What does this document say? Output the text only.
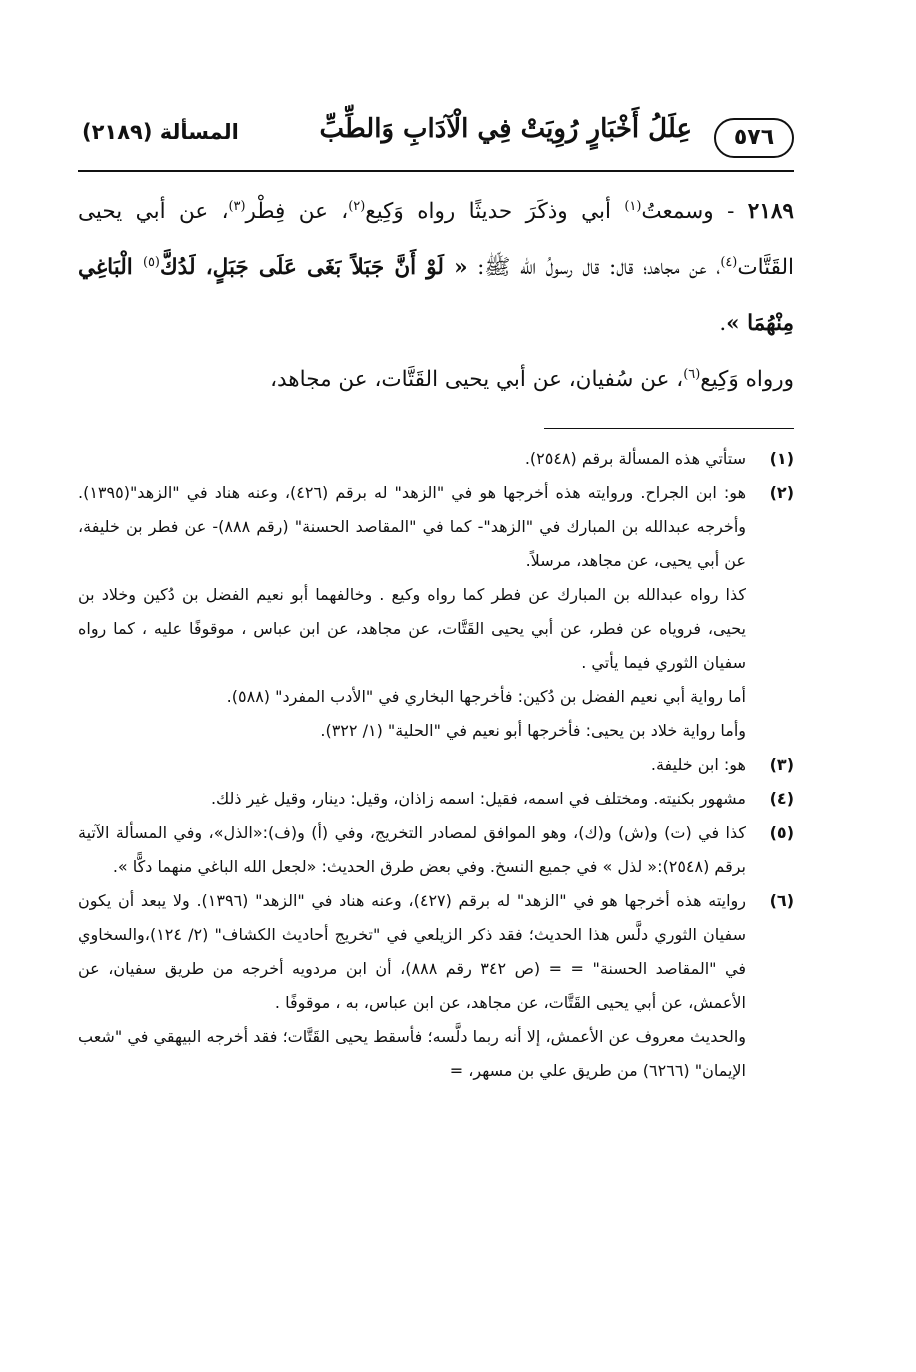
٥٧٦
عِلَلُ أَخْبَارٍ رُوِيَتْ فِي الْآدَابِ وَالطِّبِّ
المسألة (٢١٨٩)

٢١٨٩ - وسمعتُ$^{(١)}$ أبي وذكَرَ حديثًا رواه وَكِيع$^{(٢)}$، عن فِطْر$^{(٣)}$، عن أبي يحيى القَتَّات$^{(٤)}$، عن مجاهد؛ قال: قال رسولُ الله ﷺ: « لَوْ أَنَّ جَبَلاً بَغَى عَلَى جَبَلٍ، لَدُكَّ$^{(٥)}$ الْبَاغِي مِنْهُمَا ».

ورواه وَكِيع$^{(٦)}$، عن سُفيان، عن أبي يحيى القَتَّات، عن مجاهد،

(١)

ستأتي هذه المسألة برقم (٢٥٤٨).

(٢)

هو: ابن الجراح. وروايته هذه أخرجها هو في "الزهد" له برقم (٤٢٦)، وعنه هناد في "الزهد"(١٣٩٥). وأخرجه عبدالله بن المبارك في "الزهد"- كما في "المقاصد الحسنة" (رقم ٨٨٨)- عن فطر بن خليفة، عن أبي يحيى، عن مجاهد، مرسلاً.

كذا رواه عبدالله بن المبارك عن فطر كما رواه وكيع . وخالفهما أبو نعيم الفضل بن دُكين وخلاد بن يحيى، فروياه عن فطر، عن أبي يحيى القَتَّات، عن مجاهد، عن ابن عباس ، موقوفًا عليه ، كما رواه سفيان الثوري فيما يأتي .

أما رواية أبي نعيم الفضل بن دُكين: فأخرجها البخاري في "الأدب المفرد" (٥٨٨).

وأما رواية خلاد بن يحيى: فأخرجها أبو نعيم في "الحلية" (١/ ٣٢٢).

(٣)

هو: ابن خليفة.

(٤)

مشهور بكنيته. ومختلف في اسمه، فقيل: اسمه زاذان، وقيل: دينار، وقيل غير ذلك.

(٥)

كذا في (ت) و(ش) و(ك)، وهو الموافق لمصادر التخريج، وفي (أ) و(ف):«الذل»، وفي المسألة الآتية برقم (٢٥٤٨):« لذل » في جميع النسخ. وفي بعض طرق الحديث: «لجعل الله الباغي منهما دكًّا ».

(٦)

روايته هذه أخرجها هو في "الزهد" له برقم (٤٢٧)، وعنه هناد في "الزهد" (١٣٩٦). ولا يبعد أن يكون سفيان الثوري دلَّس هذا الحديث؛ فقد ذكر الزيلعي في "تخريج أحاديث الكشاف" (٢/ ١٢٤)،والسخاوي في "المقاصد الحسنة" = = (ص ٣٤٢ رقم ٨٨٨)، أن ابن مردويه أخرجه من طريق سفيان، عن الأعمش، عن أبي يحيى القَتَّات، عن مجاهد، عن ابن عباس، به ، موقوفًا .

والحديث معروف عن الأعمش، إلا أنه ربما دلَّسه؛ فأسقط يحيى القَتَّات؛ فقد أخرجه البيهقي في "شعب الإيمان" (٦٢٦٦) من طريق علي بن مسهر، =
